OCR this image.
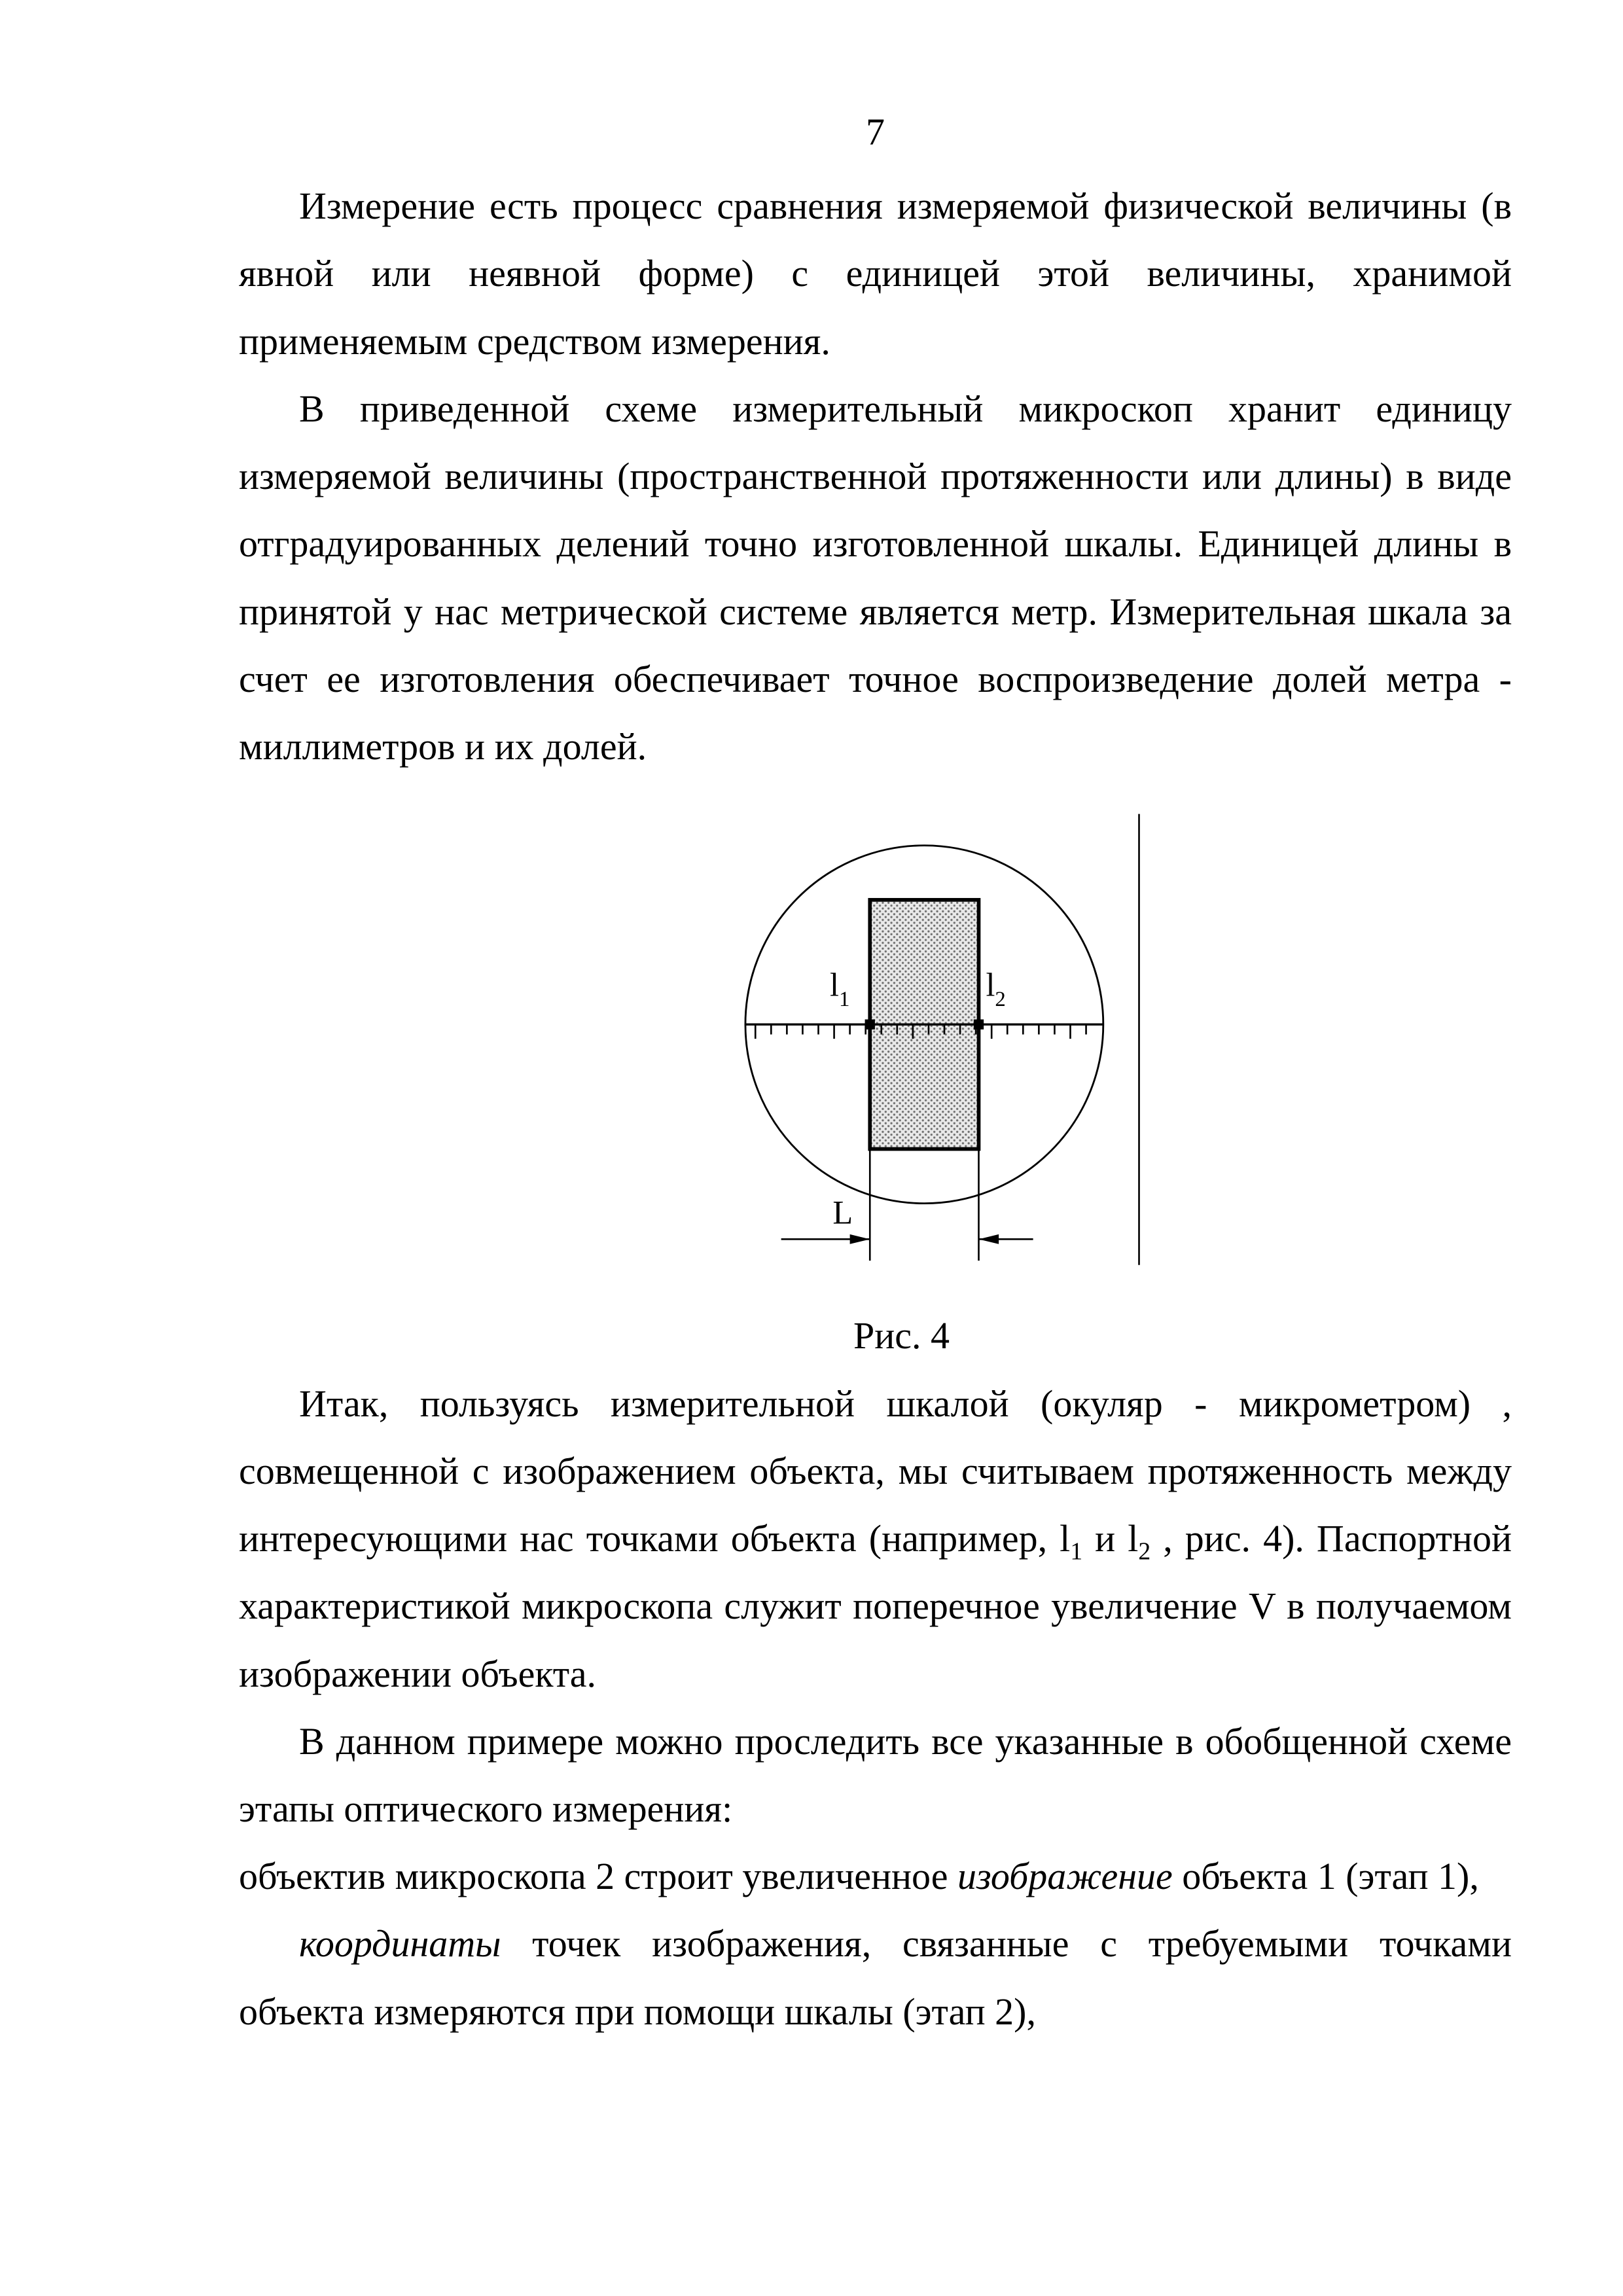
7

Измерение есть процесс сравнения измеряемой физической величины (в явной или неявной форме) с единицей этой величины, хранимой применяемым средством измерения.

В приведенной схеме измерительный микроскоп хранит единицу измеряемой величины (пространственной протяженности или длины) в виде отградуированных делений точно изготовленной шкалы. Единицей длины в принятой у нас метрической системе является метр. Измерительная шкала за счет ее изготовления обеспечивает точное воспроизведение долей метра - миллиметров и их долей.

$l_1$	$l_2$
L
Рис. 4

Итак, пользуясь измерительной шкалой (окуляр - микрометром) , совмещенной с изображением объекта, мы считываем протяженность между интересующими нас точками объекта (например, $l_1$ и $l_2$ , рис. 4). Паспортной характеристикой микроскопа служит поперечное увеличение V в получаемом изображении объекта.

В данном примере можно проследить все указанные в обобщенной схеме этапы оптического измерения:

объектив микроскопа 2 строит увеличенное изображение объекта 1 (этап 1),

координаты точек изображения, связанные с требуемыми точками объекта измеряются при помощи шкалы (этап 2),
